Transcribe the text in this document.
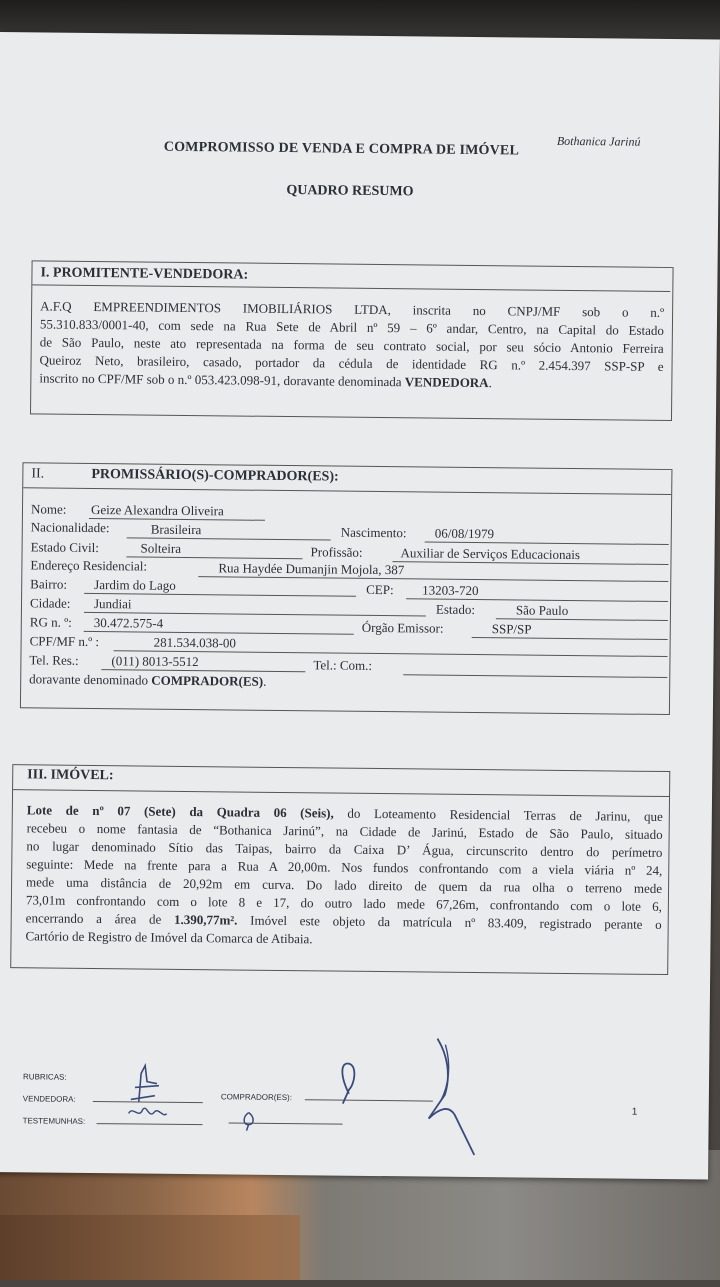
Bothanica Jarinú
COMPROMISSO DE VENDA E COMPRA DE IMÓVEL
QUADRO RESUMO
I. PROMITENTE-VENDEDORA:
A.F.Q EMPREENDIMENTOS IMOBILIÁRIOS LTDA, inscrita no CNPJ/MF sob o n.º
55.310.833/0001-40, com sede na Rua Sete de Abril nº 59 – 6º andar, Centro, na Capital do Estado
de São Paulo, neste ato representada na forma de seu contrato social, por seu sócio Antonio Ferreira
Queiroz Neto, brasileiro, casado, portador da cédula de identidade RG n.º 2.454.397 SSP-SP e
inscrito no CPF/MF sob o n.º 053.423.098-91, doravante denominada VENDEDORA.
II.	PROMISSÁRIO(S)-COMPRADOR(ES):
Nome: Geize Alexandra Oliveira
Nacionalidade:	Brasileira	Nascimento: 06/08/1979
Estado Civil:	Solteira	Profissão:	Auxiliar de Serviços Educacionais
Endereço Residencial:	Rua Haydée Dumanjin Mojola, 387
Bairro: Jardim do Lago	CEP: 13203-720
Cidade: Jundiai	Estado:	São Paulo
RG n. º: 30.472.575-4	Órgão Emissor:	SSP/SP
CPF/MF n.º :	281.534.038-00
Tel. Res.:	(011) 8013-5512	Tel.: Com.:
doravante denominado COMPRADOR(ES).
III. IMÓVEL:
Lote de nº 07 (Sete) da Quadra 06 (Seis), do Loteamento Residencial Terras de Jarinu, que
recebeu o nome fantasia de “Bothanica Jarinú”, na Cidade de Jarinú, Estado de São Paulo, situado
no lugar denominado Sítio das Taipas, bairro da Caixa D’ Água, circunscrito dentro do perímetro
seguinte: Mede na frente para a Rua A 20,00m. Nos fundos confrontando com a viela viária nº 24,
mede uma distância de 20,92m em curva. Do lado direito de quem da rua olha o terreno mede
73,01m confrontando com o lote 8 e 17, do outro lado mede 67,26m, confrontando com o lote 6,
encerrando a área de 1.390,77m². Imóvel este objeto da matrícula nº 83.409, registrado perante o
Cartório de Registro de Imóvel da Comarca de Atibaia.
RUBRICAS:
VENDEDORA:
TESTEMUNHAS:
COMPRADOR(ES):
1
